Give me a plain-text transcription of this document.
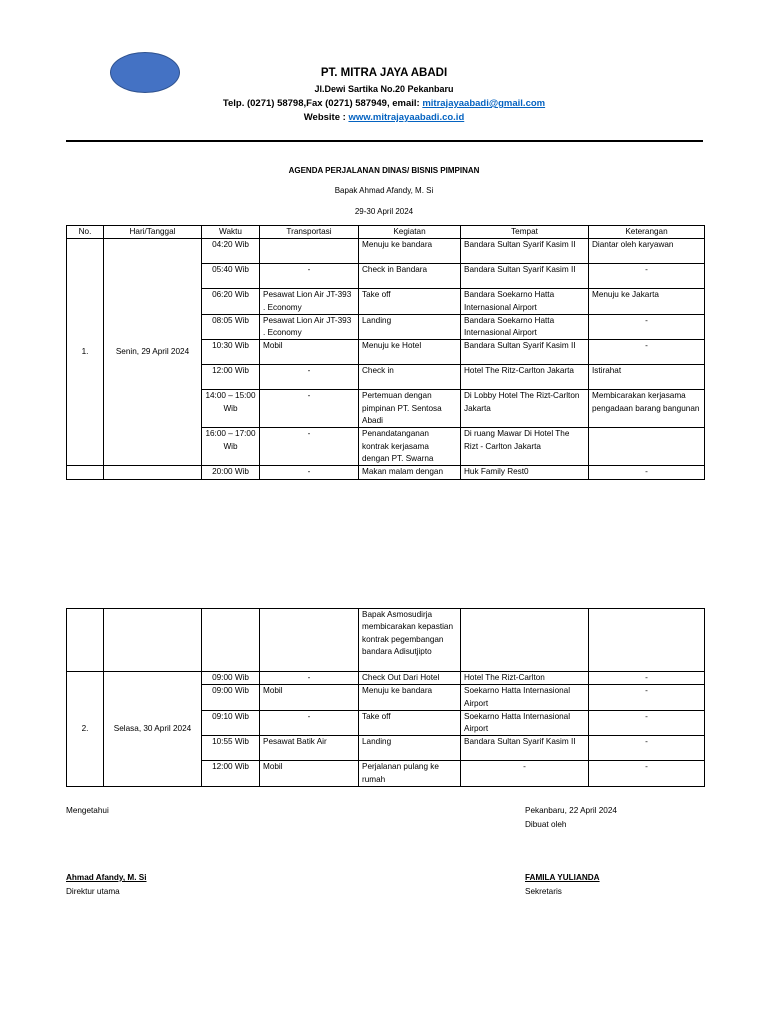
PT. MITRA JAYA ABADI
Jl.Dewi Sartika No.20 Pekanbaru
Telp. (0271) 58798,Fax (0271) 587949, email: mitrajayaabadi@gmail.com
Website : www.mitrajayaabadi.co.id
AGENDA PERJALANAN DINAS/ BISNIS PIMPINAN
Bapak Ahmad Afandy, M. Si
29-30 April 2024
No.	Hari/Tanggal	Waktu	Transportasi	Kegiatan	Tempat	Keterangan
1.	Senin, 29 April 2024	04:20 Wib		Menuju ke bandara	Bandara Sultan Syarif Kasim II	Diantar oleh karyawan
		05:40 Wib	-	Check in Bandara	Bandara Sultan Syarif Kasim II	-
		06:20 Wib	Pesawat Lion Air JT-393 . Economy	Take off	Bandara Soekarno Hatta Internasional Airport	Menuju ke Jakarta
		08:05 Wib	Pesawat Lion Air JT-393 . Economy	Landing	Bandara Soekarno Hatta Internasional Airport	-
		10:30 Wib	Mobil	Menuju ke Hotel	Bandara Sultan Syarif Kasim II	-
		12:00 Wib	-	Check in	Hotel The Ritz-Carlton Jakarta	Istirahat
		14:00 – 15:00 Wib	-	Pertemuan dengan pimpinan PT. Sentosa Abadi	Di Lobby Hotel The Rizt-Carlton Jakarta	Membicarakan kerjasama pengadaan barang bangunan
		16:00 – 17:00 Wib	-	Penandatanganan kontrak kerjasama dengan PT. Swarna	Di ruang Mawar Di Hotel The Rizt - Carlton Jakarta	
		20:00 Wib	-	Makan malam dengan	Huk Family Rest0	-
				Bapak Asmosudirja membicarakan kepastian kontrak pegembangan bandara Adisutjipto		
2.	Selasa, 30 April 2024	09:00 Wib	-	Check Out Dari Hotel	Hotel The Rizt-Carlton	-
		09:00 Wib	Mobil	Menuju ke bandara	Soekarno Hatta Internasional Airport	-
		09:10 Wib	-	Take off	Soekarno Hatta Internasional Airport	-
		10:55 Wib	Pesawat Batik Air	Landing	Bandara Sultan Syarif Kasim II	-
		12:00 Wib	Mobil	Perjalanan pulang ke rumah	-	-
Mengetahui	Pekanbaru, 22 April 2024
Dibuat oleh
Ahmad Afandy, M. Si
Direktur utama
FAMILA YULIANDA
Sekretaris
